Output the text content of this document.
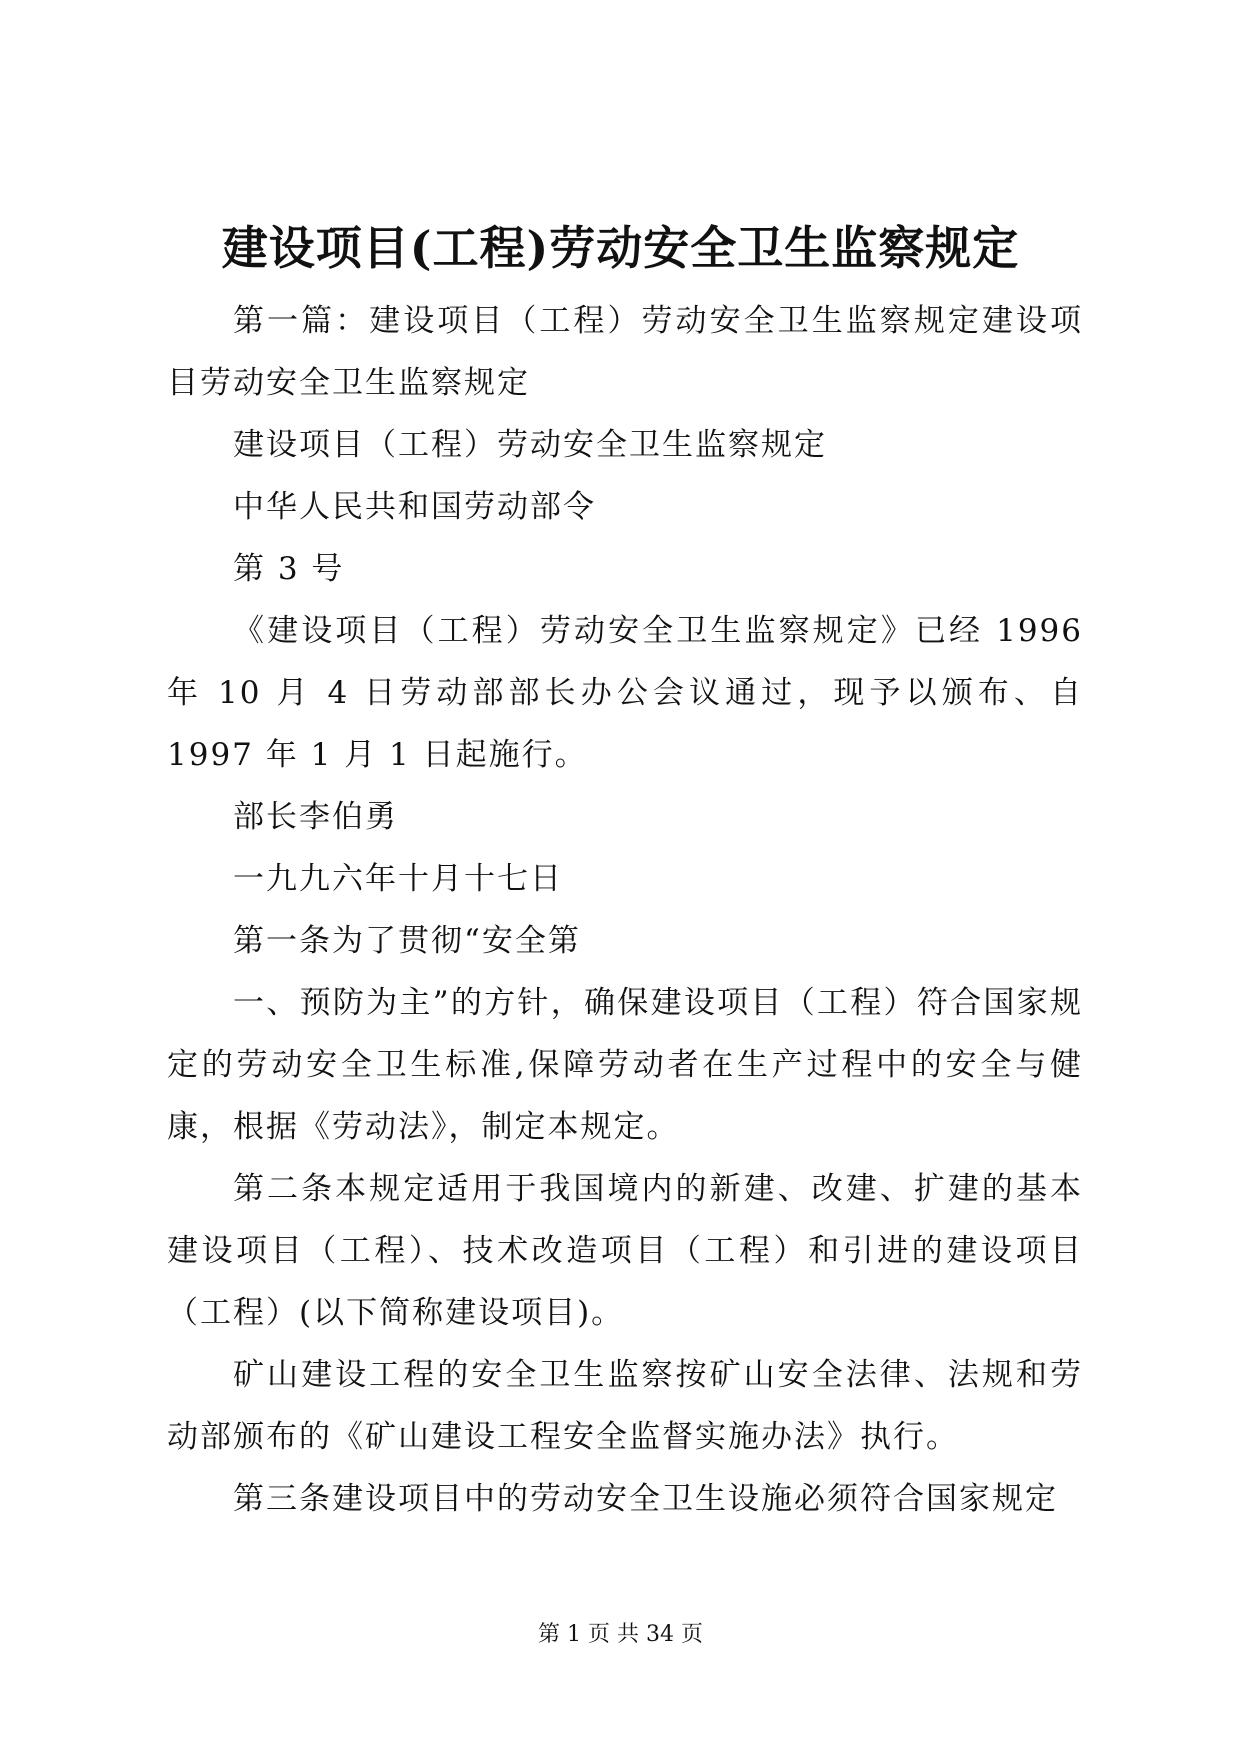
建设项目(工程)劳动安全卫生监察规定

第一篇：建设项目（工程）劳动安全卫生监察规定建设项目劳动安全卫生监察规定

建设项目（工程）劳动安全卫生监察规定

中华人民共和国劳动部令

第 3 号

《建设项目（工程）劳动安全卫生监察规定》已经 1996 年 10 月 4 日劳动部部长办公会议通过，现予以颁布、自 1997 年 1 月 1 日起施行。

部长李伯勇

一九九六年十月十七日

第一条为了贯彻“安全第

一、预防为主”的方针，确保建设项目（工程）符合国家规定的劳动安全卫生标准,保障劳动者在生产过程中的安全与健康，根据《劳动法》，制定本规定。

第二条本规定适用于我国境内的新建、改建、扩建的基本建设项目（工程）、技术改造项目（工程）和引进的建设项目（工程）(以下简称建设项目)。

矿山建设工程的安全卫生监察按矿山安全法律、法规和劳动部颁布的《矿山建设工程安全监督实施办法》执行。

第三条建设项目中的劳动安全卫生设施必须符合国家规定

第 1 页 共 34 页
